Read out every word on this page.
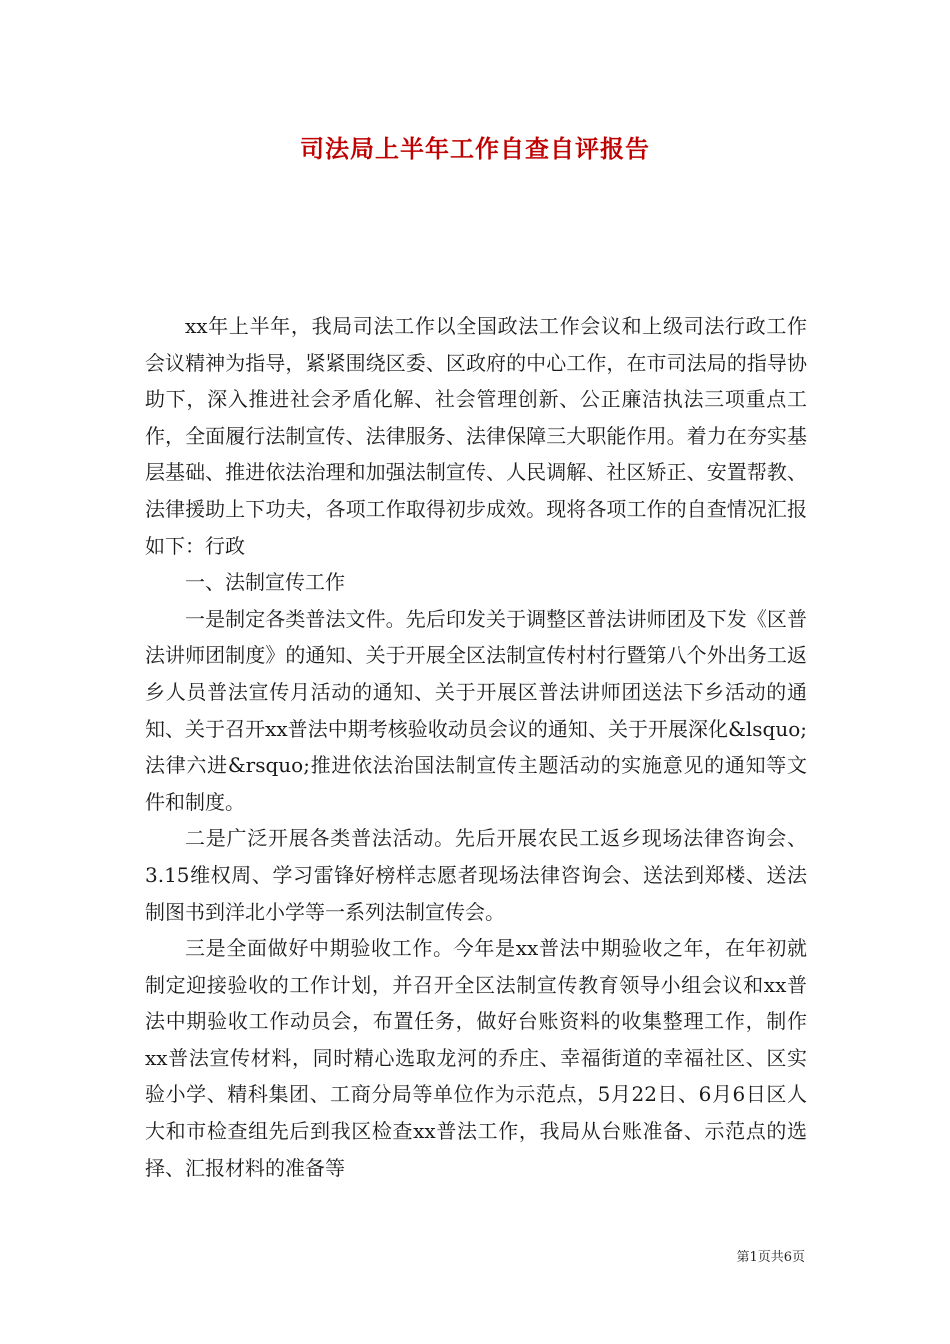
司法局上半年工作自查自评报告

xx年上半年，我局司法工作以全国政法工作会议和上级司法行政工作会议精神为指导，紧紧围绕区委、区政府的中心工作，在市司法局的指导协助下，深入推进社会矛盾化解、社会管理创新、公正廉洁执法三项重点工作，全面履行法制宣传、法律服务、法律保障三大职能作用。着力在夯实基层基础、推进依法治理和加强法制宣传、人民调解、社区矫正、安置帮教、法律援助上下功夫，各项工作取得初步成效。现将各项工作的自查情况汇报如下：行政

一、法制宣传工作

一是制定各类普法文件。先后印发关于调整区普法讲师团及下发《区普法讲师团制度》的通知、关于开展全区法制宣传村村行暨第八个外出务工返乡人员普法宣传月活动的通知、关于开展区普法讲师团送法下乡活动的通知、关于召开xx普法中期考核验收动员会议的通知、关于开展深化&lsquo;法律六进&rsquo;推进依法治国法制宣传主题活动的实施意见的通知等文件和制度。

二是广泛开展各类普法活动。先后开展农民工返乡现场法律咨询会、3.15维权周、学习雷锋好榜样志愿者现场法律咨询会、送法到郑楼、送法制图书到洋北小学等一系列法制宣传会。

三是全面做好中期验收工作。今年是xx普法中期验收之年，在年初就制定迎接验收的工作计划，并召开全区法制宣传教育领导小组会议和xx普法中期验收工作动员会，布置任务，做好台账资料的收集整理工作，制作xx普法宣传材料，同时精心选取龙河的乔庄、幸福街道的幸福社区、区实验小学、精科集团、工商分局等单位作为示范点，5月22日、6月6日区人大和市检查组先后到我区检查xx普法工作，我局从台账准备、示范点的选择、汇报材料的准备等

第1页共6页
